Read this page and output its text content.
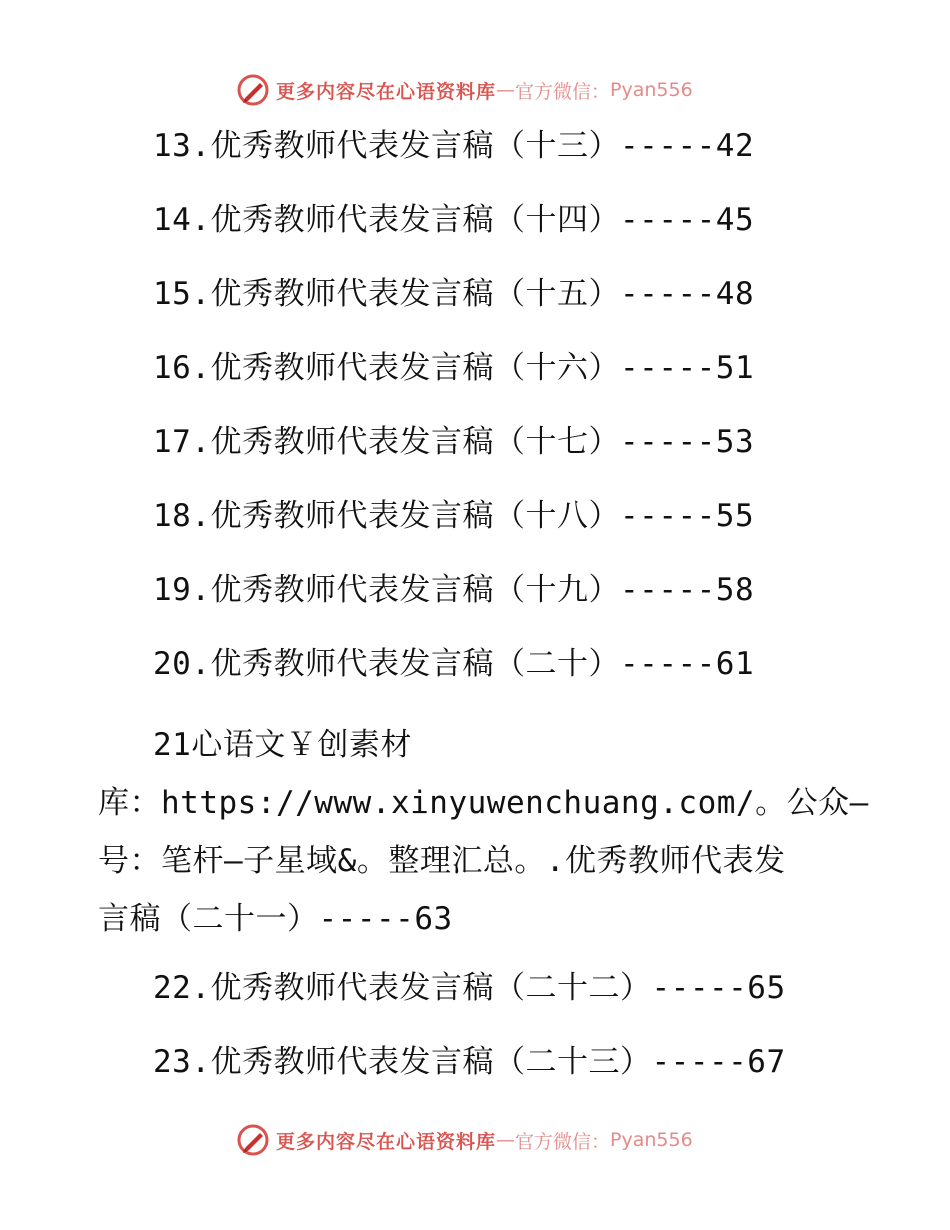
更多内容尽在心语资料库 — 官方微信： Pyan556
13.优秀教师代表发言稿（十三）-----42
14.优秀教师代表发言稿（十四）-----45
15.优秀教师代表发言稿（十五）-----48
16.优秀教师代表发言稿（十六）-----51
17.优秀教师代表发言稿（十七）-----53
18.优秀教师代表发言稿（十八）-----55
19.优秀教师代表发言稿（十九）-----58
20.优秀教师代表发言稿（二十）-----61
21心语文￥创素材
库：https://www.xinyuwenchuang.com/。公众—
号：笔杆—子星域&。整理汇总。.优秀教师代表发
言稿（二十一）-----63
22.优秀教师代表发言稿（二十二）-----65
23.优秀教师代表发言稿（二十三）-----67
更多内容尽在心语资料库 — 官方微信： Pyan556
